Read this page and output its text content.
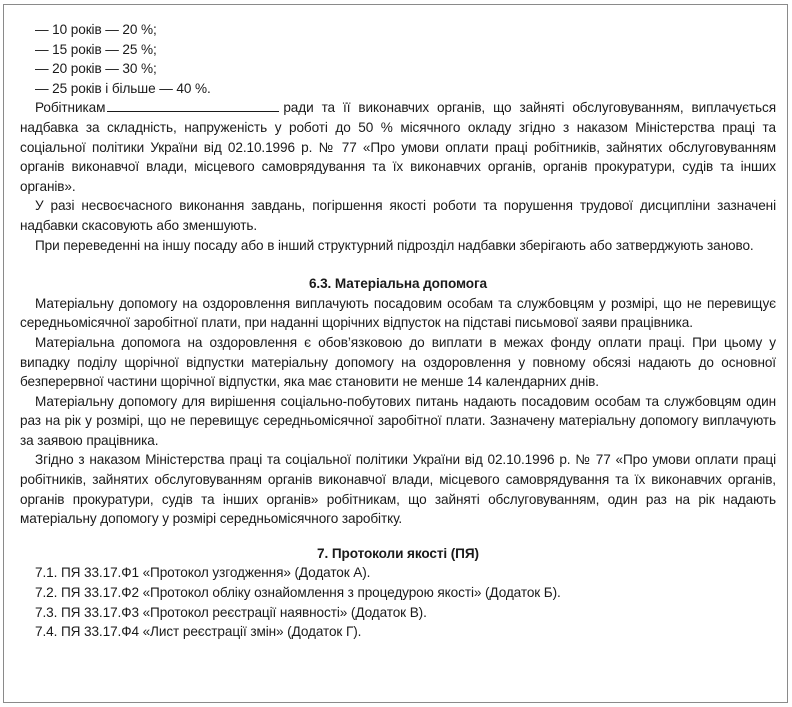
— 10 років — 20 %;

— 15 років — 25 %;

— 20 років — 30 %;

— 25 років і більше — 40 %.

Робітникам	ради та її виконавчих органів, що зайняті обслуговуванням, виплачується надбавка за складність, напруженість у роботі до 50 % місячного окладу згідно з наказом Міністерства праці та соціальної політики України від 02.10.1996 р. № 77 «Про умови оплати праці робітників, зайнятих обслуговуванням органів виконавчої влади, місцевого самоврядування та їх виконавчих органів, органів прокуратури, судів та інших органів».

У разі несвоєчасного виконання завдань, погіршення якості роботи та порушення трудової дисципліни зазначені надбавки скасовують або зменшують.

При переведенні на іншу посаду або в інший структурний підрозділ надбавки зберігають або затверджують заново.

6.3. Матеріальна допомога

Матеріальну допомогу на оздоровлення виплачують посадовим особам та службовцям у розмірі, що не перевищує середньомісячної заробітної плати, при наданні щорічних відпусток на підставі письмової заяви працівника.

Матеріальна допомога на оздоровлення є обов’язковою до виплати в межах фонду оплати праці. При цьому у випадку поділу щорічної відпустки матеріальну допомогу на оздоровлення у повному обсязі надають до основної безперервної частини щорічної відпустки, яка має становити не менше 14 календарних днів.

Матеріальну допомогу для вирішення соціально-побутових питань надають посадовим особам та службовцям один раз на рік у розмірі, що не перевищує середньомісячної заробітної плати. Зазначену матеріальну допомогу виплачують за заявою працівника.

Згідно з наказом Міністерства праці та соціальної політики України від 02.10.1996 р. № 77 «Про умови оплати праці робітників, зайнятих обслуговуванням органів виконавчої влади, місцевого самоврядування та їх виконавчих органів, органів прокуратури, судів та інших органів» робітникам, що зайняті обслуговуванням, один раз на рік надають матеріальну допомогу у розмірі середньомісячного заробітку.

7. Протоколи якості (ПЯ)

7.1. ПЯ 33.17.Ф1 «Протокол узгодження» (Додаток А).

7.2. ПЯ 33.17.Ф2 «Протокол обліку ознайомлення з процедурою якості» (Додаток Б).

7.3. ПЯ 33.17.Ф3 «Протокол реєстрації наявності» (Додаток В).

7.4. ПЯ 33.17.Ф4 «Лист реєстрації змін» (Додаток Г).
